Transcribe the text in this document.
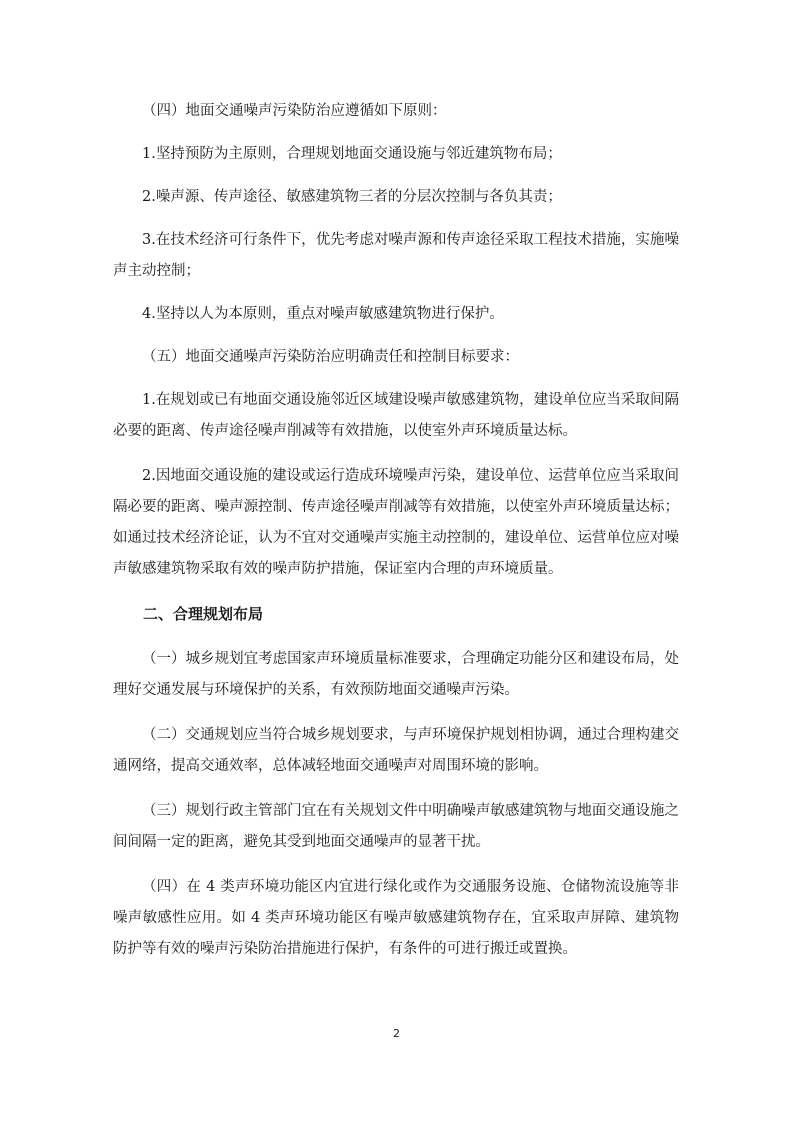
（四）地面交通噪声污染防治应遵循如下原则：

1.坚持预防为主原则，合理规划地面交通设施与邻近建筑物布局；

2.噪声源、传声途径、敏感建筑物三者的分层次控制与各负其责；

3.在技术经济可行条件下，优先考虑对噪声源和传声途径采取工程技术措施，实施噪声主动控制；

4.坚持以人为本原则，重点对噪声敏感建筑物进行保护。

（五）地面交通噪声污染防治应明确责任和控制目标要求：

1.在规划或已有地面交通设施邻近区域建设噪声敏感建筑物，建设单位应当采取间隔必要的距离、传声途径噪声削减等有效措施，以使室外声环境质量达标。

2.因地面交通设施的建设或运行造成环境噪声污染，建设单位、运营单位应当采取间隔必要的距离、噪声源控制、传声途径噪声削减等有效措施，以使室外声环境质量达标；如通过技术经济论证，认为不宜对交通噪声实施主动控制的，建设单位、运营单位应对噪声敏感建筑物采取有效的噪声防护措施，保证室内合理的声环境质量。

二、合理规划布局

（一）城乡规划宜考虑国家声环境质量标准要求，合理确定功能分区和建设布局，处理好交通发展与环境保护的关系，有效预防地面交通噪声污染。

（二）交通规划应当符合城乡规划要求，与声环境保护规划相协调，通过合理构建交通网络，提高交通效率，总体减轻地面交通噪声对周围环境的影响。

（三）规划行政主管部门宜在有关规划文件中明确噪声敏感建筑物与地面交通设施之间间隔一定的距离，避免其受到地面交通噪声的显著干扰。

（四）在 4 类声环境功能区内宜进行绿化或作为交通服务设施、仓储物流设施等非噪声敏感性应用。如 4 类声环境功能区有噪声敏感建筑物存在，宜采取声屏障、建筑物防护等有效的噪声污染防治措施进行保护，有条件的可进行搬迁或置换。

2
